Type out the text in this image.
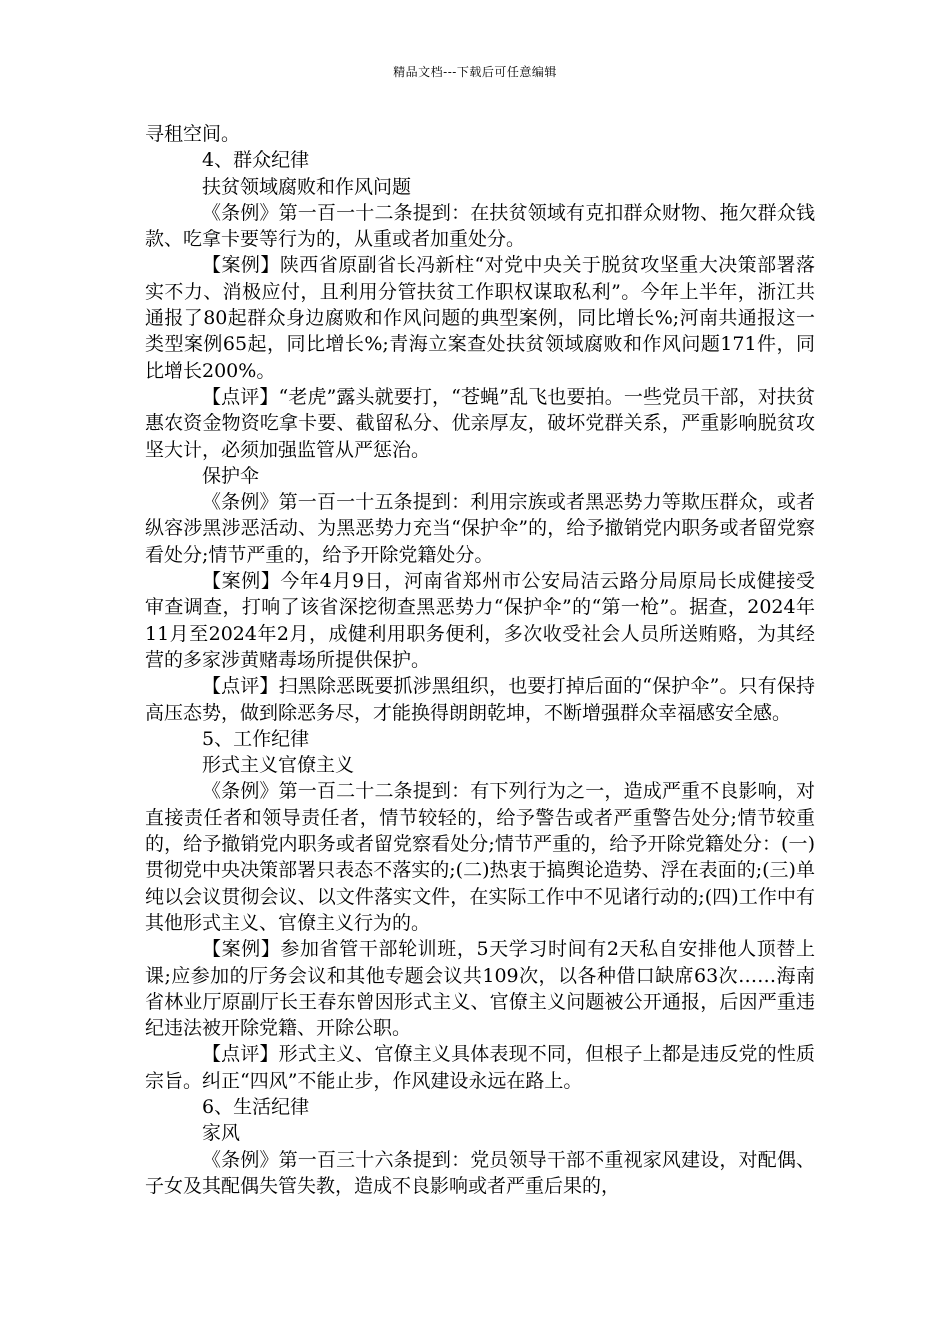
精品文档---下载后可任意编辑

寻租空间。

4、群众纪律

扶贫领域腐败和作风问题

《条例》第一百一十二条提到：在扶贫领域有克扣群众财物、拖欠群众钱款、吃拿卡要等行为的，从重或者加重处分。

【案例】陕西省原副省长冯新柱“对党中央关于脱贫攻坚重大决策部署落实不力、消极应付，且利用分管扶贫工作职权谋取私利”。今年上半年，浙江共通报了80起群众身边腐败和作风问题的典型案例，同比增长%;河南共通报这一类型案例65起，同比增长%;青海立案查处扶贫领域腐败和作风问题171件，同比增长200%。

【点评】“老虎”露头就要打，“苍蝇”乱飞也要拍。一些党员干部，对扶贫惠农资金物资吃拿卡要、截留私分、优亲厚友，破坏党群关系，严重影响脱贫攻坚大计，必须加强监管从严惩治。

保护伞

《条例》第一百一十五条提到：利用宗族或者黑恶势力等欺压群众，或者纵容涉黑涉恶活动、为黑恶势力充当“保护伞”的，给予撤销党内职务或者留党察看处分;情节严重的，给予开除党籍处分。

【案例】今年4月9日，河南省郑州市公安局洁云路分局原局长成健接受审查调查，打响了该省深挖彻查黑恶势力“保护伞”的“第一枪”。据查，2024年11月至2024年2月，成健利用职务便利，多次收受社会人员所送贿赂，为其经营的多家涉黄赌毒场所提供保护。

【点评】扫黑除恶既要抓涉黑组织，也要打掉后面的“保护伞”。只有保持高压态势，做到除恶务尽，才能换得朗朗乾坤，不断增强群众幸福感安全感。

5、工作纪律

形式主义官僚主义

《条例》第一百二十二条提到：有下列行为之一，造成严重不良影响，对直接责任者和领导责任者，情节较轻的，给予警告或者严重警告处分;情节较重的，给予撤销党内职务或者留党察看处分;情节严重的，给予开除党籍处分：(一)贯彻党中央决策部署只表态不落实的;(二)热衷于搞舆论造势、浮在表面的;(三)单纯以会议贯彻会议、以文件落实文件，在实际工作中不见诸行动的;(四)工作中有其他形式主义、官僚主义行为的。

【案例】参加省管干部轮训班，5天学习时间有2天私自安排他人顶替上课;应参加的厅务会议和其他专题会议共109次，以各种借口缺席63次……海南省林业厅原副厅长王春东曾因形式主义、官僚主义问题被公开通报，后因严重违纪违法被开除党籍、开除公职。

【点评】形式主义、官僚主义具体表现不同，但根子上都是违反党的性质宗旨。纠正“四风”不能止步，作风建设永远在路上。

6、生活纪律

家风

《条例》第一百三十六条提到：党员领导干部不重视家风建设，对配偶、子女及其配偶失管失教，造成不良影响或者严重后果的，
